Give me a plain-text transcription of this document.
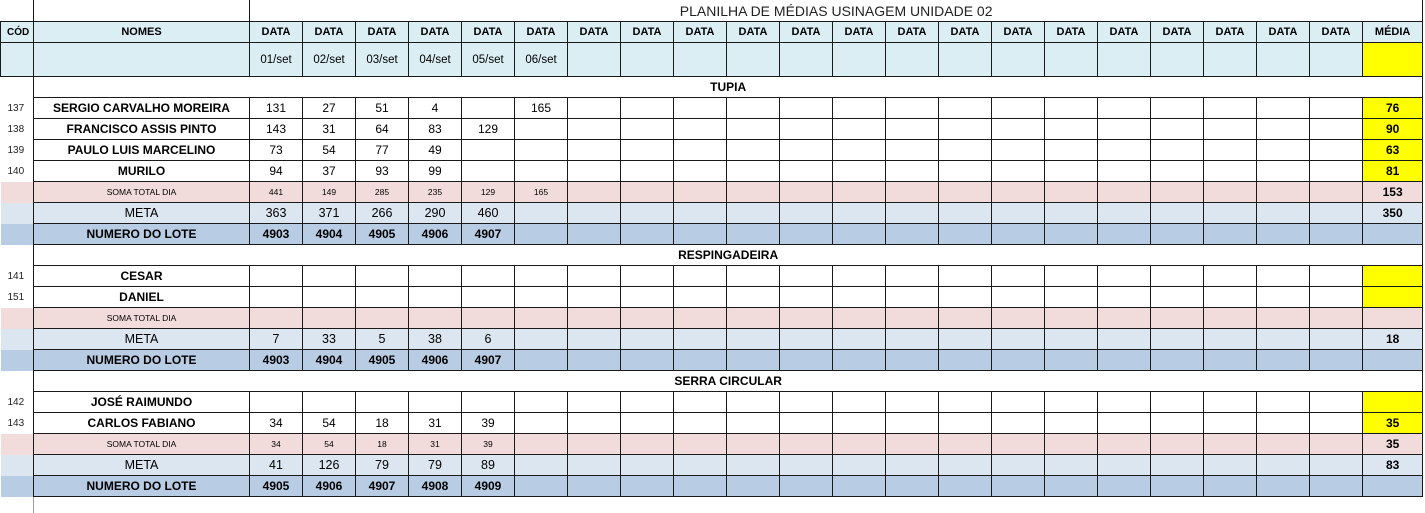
		PLANILHA DE MÉDIAS USINAGEM UNIDADE 02																					
CÓD	NOMES	DATA	DATA	DATA	DATA	DATA	DATA	DATA	DATA	DATA	DATA	DATA	DATA	DATA	DATA	DATA	DATA	DATA	DATA	DATA	DATA	DATA	MÉDIA
		01/set	02/set	03/set	04/set	05/set	06/set																
	TUPIA																						
137	SERGIO CARVALHO MOREIRA	131	27	51	4		165																76
138	FRANCISCO ASSIS PINTO	143	31	64	83	129																	90
139	PAULO LUIS MARCELINO	73	54	77	49																		63
140	MURILO	94	37	93	99																		81
	SOMA TOTAL DIA	441	149	285	235	129	165																153
	META	363	371	266	290	460																	350
	NUMERO DO LOTE	4903	4904	4905	4906	4907																	
	RESPINGADEIRA																						
141	CESAR																						
151	DANIEL																						
	SOMA TOTAL DIA																						
	META	7	33	5	38	6																	18
	NUMERO DO LOTE	4903	4904	4905	4906	4907																	
	SERRA CIRCULAR																						
142	JOSÉ RAIMUNDO																						
143	CARLOS FABIANO	34	54	18	31	39																	35
	SOMA TOTAL DIA	34	54	18	31	39																	35
	META	41	126	79	79	89																	83
	NUMERO DO LOTE	4905	4906	4907	4908	4909																	
